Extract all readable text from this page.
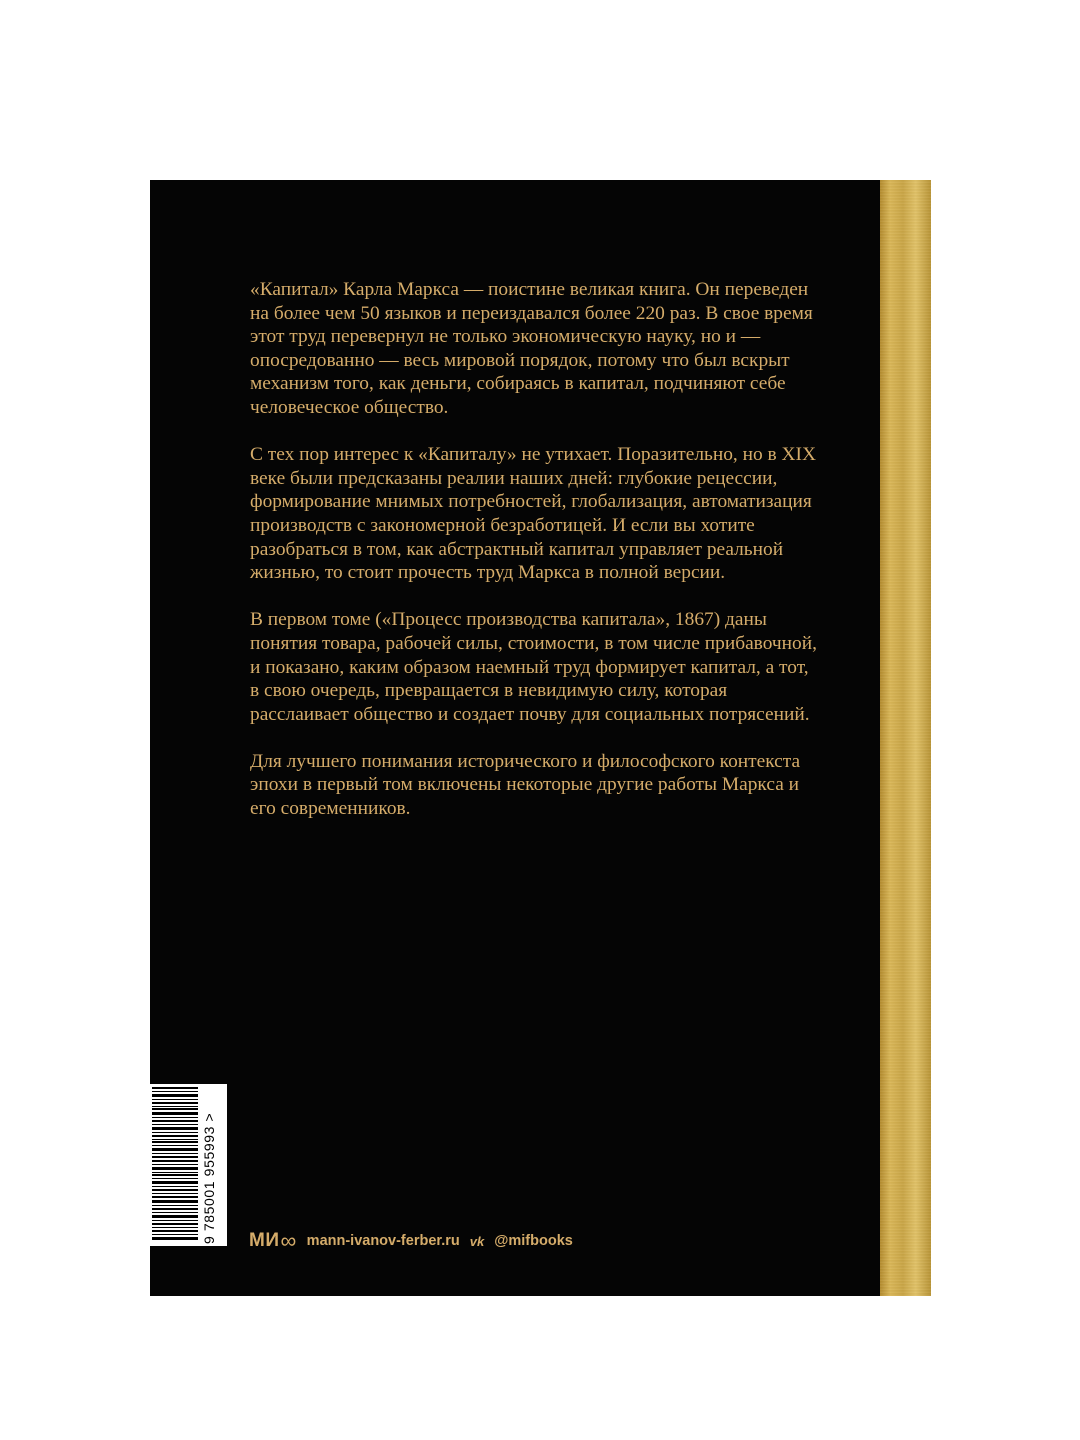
«Капитал» Карла Маркса — поистине великая книга. Он переведен на более чем 50 языков и переиздавался более 220 раз. В свое время этот труд перевернул не только экономическую науку, но и — опосредованно — весь мировой порядок, потому что был вскрыт механизм того, как деньги, собираясь в капитал, подчиняют себе человеческое общество.

С тех пор интерес к «Капиталу» не утихает. Поразительно, но в XIX веке были предсказаны реалии наших дней: глубокие рецессии, формирование мнимых потребностей, глобализация, автоматизация производств с закономерной безработицей. И если вы хотите разобраться в том, как абстрактный капитал управляет реальной жизнью, то стоит прочесть труд Маркса в полной версии.

В первом томе («Процесс производства капитала», 1867) даны понятия товара, рабочей силы, стоимости, в том числе прибавочной, и показано, каким образом наемный труд формирует капитал, а тот, в свою очередь, превращается в невидимую силу, которая расслаивает общество и создает почву для социальных потрясений.

Для лучшего понимания исторического и философского контекста эпохи в первый том включены некоторые другие работы Маркса и его современников.

9 785001 955993 >	МИ ∞ mann-ivanov-ferber.ru vk @mifbooks
